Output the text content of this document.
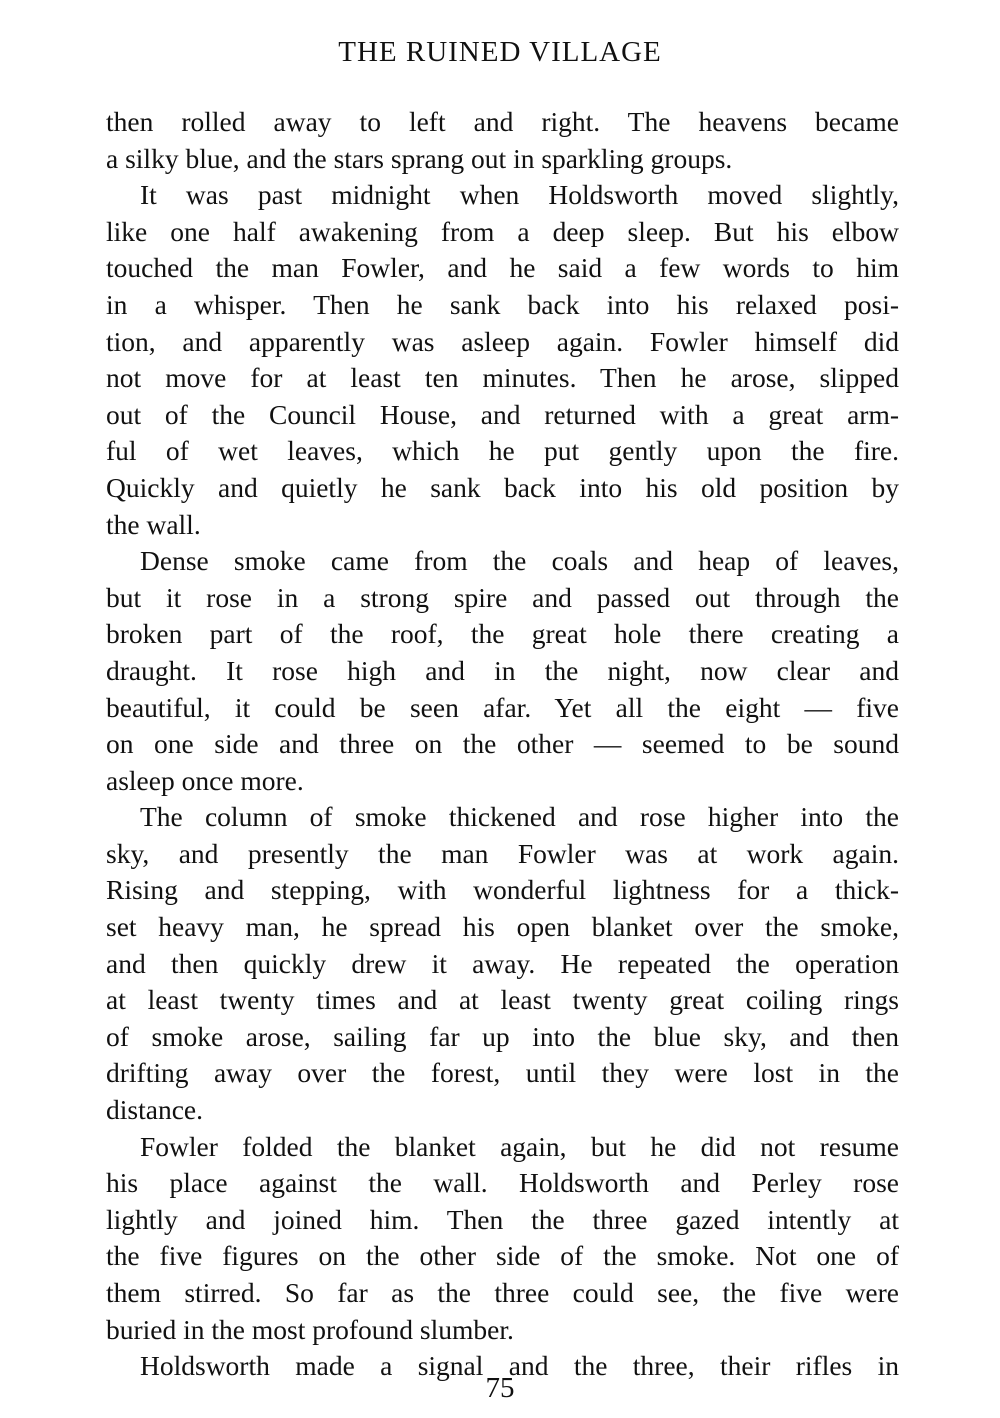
THE RUINED VILLAGE
then rolled away to left and right. The heavens became
a silky blue, and the stars sprang out in sparkling groups.
It was past midnight when Holdsworth moved slightly,
like one half awakening from a deep sleep. But his elbow
touched the man Fowler, and he said a few words to him
in a whisper. Then he sank back into his relaxed posi-
tion, and apparently was asleep again. Fowler himself did
not move for at least ten minutes. Then he arose, slipped
out of the Council House, and returned with a great arm-
ful of wet leaves, which he put gently upon the fire.
Quickly and quietly he sank back into his old position by
the wall.
Dense smoke came from the coals and heap of leaves,
but it rose in a strong spire and passed out through the
broken part of the roof, the great hole there creating a
draught. It rose high and in the night, now clear and
beautiful, it could be seen afar. Yet all the eight — five
on one side and three on the other — seemed to be sound
asleep once more.
The column of smoke thickened and rose higher into the
sky, and presently the man Fowler was at work again.
Rising and stepping, with wonderful lightness for a thick-
set heavy man, he spread his open blanket over the smoke,
and then quickly drew it away. He repeated the operation
at least twenty times and at least twenty great coiling rings
of smoke arose, sailing far up into the blue sky, and then
drifting away over the forest, until they were lost in the
distance.
Fowler folded the blanket again, but he did not resume
his place against the wall. Holdsworth and Perley rose
lightly and joined him. Then the three gazed intently at
the five figures on the other side of the smoke. Not one of
them stirred. So far as the three could see, the five were
buried in the most profound slumber.
Holdsworth made a signal and the three, their rifles in
75
